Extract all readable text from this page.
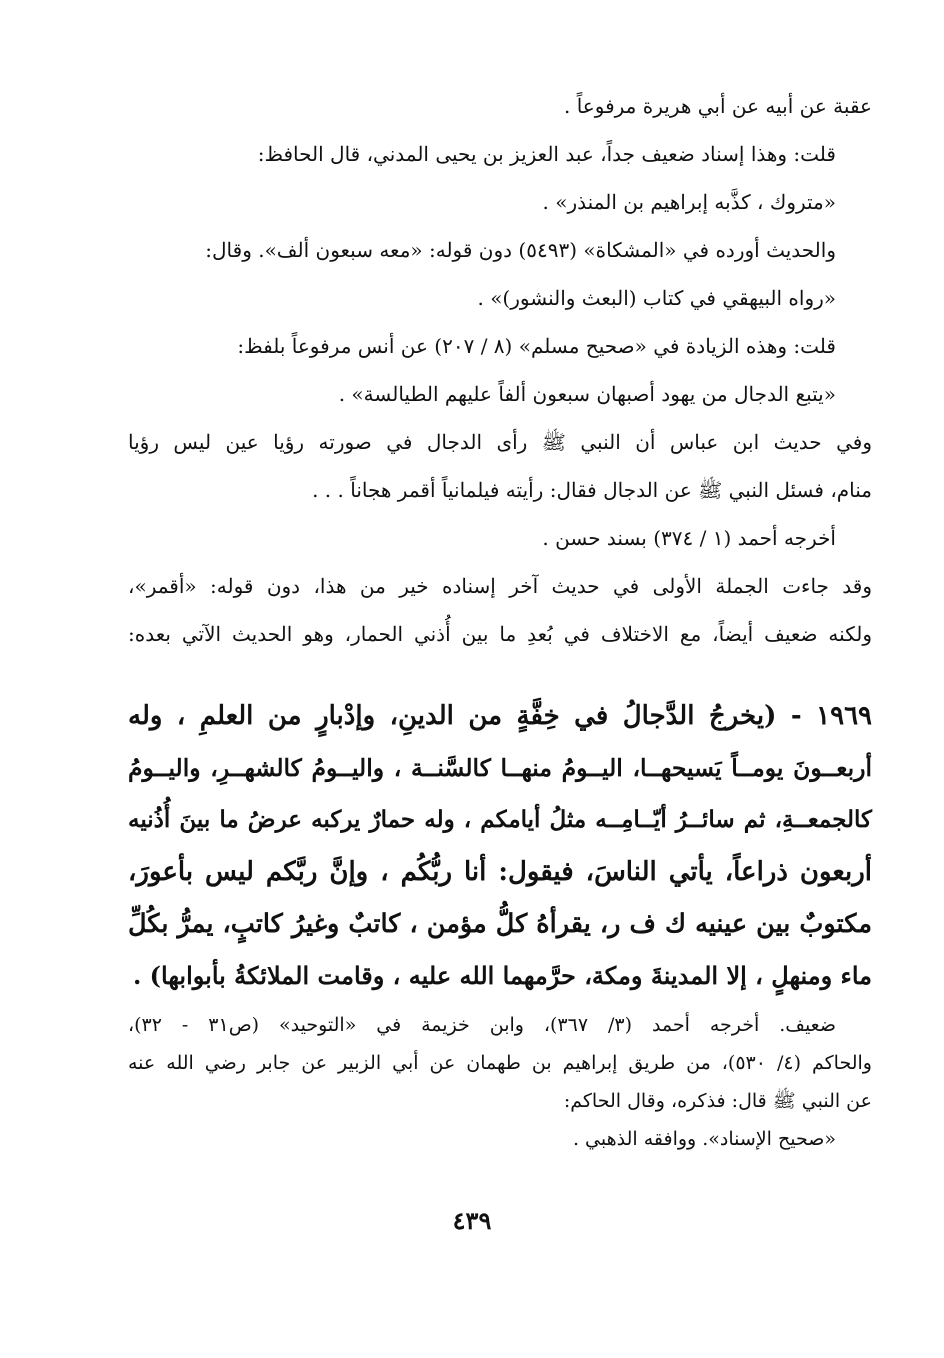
عقبة عن أبيه عن أبي هريرة مرفوعاً .
قلت: وهذا إسناد ضعيف جداً، عبد العزيز بن يحيى المدني، قال الحافظ:
«متروك ، كذَّبه إبراهيم بن المنذر» .
والحديث أورده في «المشكاة» (٥٤٩٣) دون قوله: «معه سبعون ألف». وقال:
«رواه البيهقي في كتاب (البعث والنشور)» .
قلت: وهذه الزيادة في «صحيح مسلم» (٨ / ٢٠٧) عن أنس مرفوعاً بلفظ:
«يتبع الدجال من يهود أصبهان سبعون ألفاً عليهم الطيالسة» .
وفي حديث ابن عباس أن النبي ﷺ رأى الدجال في صورته رؤيا عين ليس رؤيا
منام، فسئل النبي ﷺ عن الدجال فقال: رأيته فيلمانياً أقمر هجاناً . . .
أخرجه أحمد (١ / ٣٧٤) بسند حسن .
وقد جاءت الجملة الأولى في حديث آخر إسناده خير من هذا، دون قوله: «أقمر»،
ولكنه ضعيف أيضاً، مع الاختلاف في بُعدِ ما بين أُذني الحمار، وهو الحديث الآتي بعده:
١٩٦٩ - (يخرجُ الدَّجالُ في خِفَّةٍ من الدينِ، وإدْبارٍ من العلمِ ، وله
أربعــونَ يومــاً يَسيحهــا، اليــومُ منهــا كالسَّنــة ، واليــومُ كالشهــرِ، واليــومُ
كالجمعــةِ، ثم سائــرُ أيّــامِــه مثلُ أيامكم ، وله حمارٌ يركبه عرضُ ما بينَ أُذُنيه
أربعون ذراعاً، يأتي الناسَ، فيقول: أنا ربُّكُم ، وإنَّ ربَّكم ليس بأعورَ،
مكتوبٌ بين عينيه ك ف ر، يقرأهُ كلُّ مؤمن ، كاتبٌ وغيرُ كاتبٍ، يمرُّ بكُلِّ
ماء ومنهلٍ ، إلا المدينةَ ومكة، حرَّمهما الله عليه ، وقامت الملائكةُ بأبوابها) .
ضعيف. أخرجه أحمد (٣/ ٣٦٧)، وابن خزيمة في «التوحيد» (ص٣١ - ٣٢)،
والحاكم (٤/ ٥٣٠)، من طريق إبراهيم بن طهمان عن أبي الزبير عن جابر رضي الله عنه
عن النبي ﷺ قال: فذكره، وقال الحاكم:
«صحيح الإسناد». ووافقه الذهبي .
٤٣٩
